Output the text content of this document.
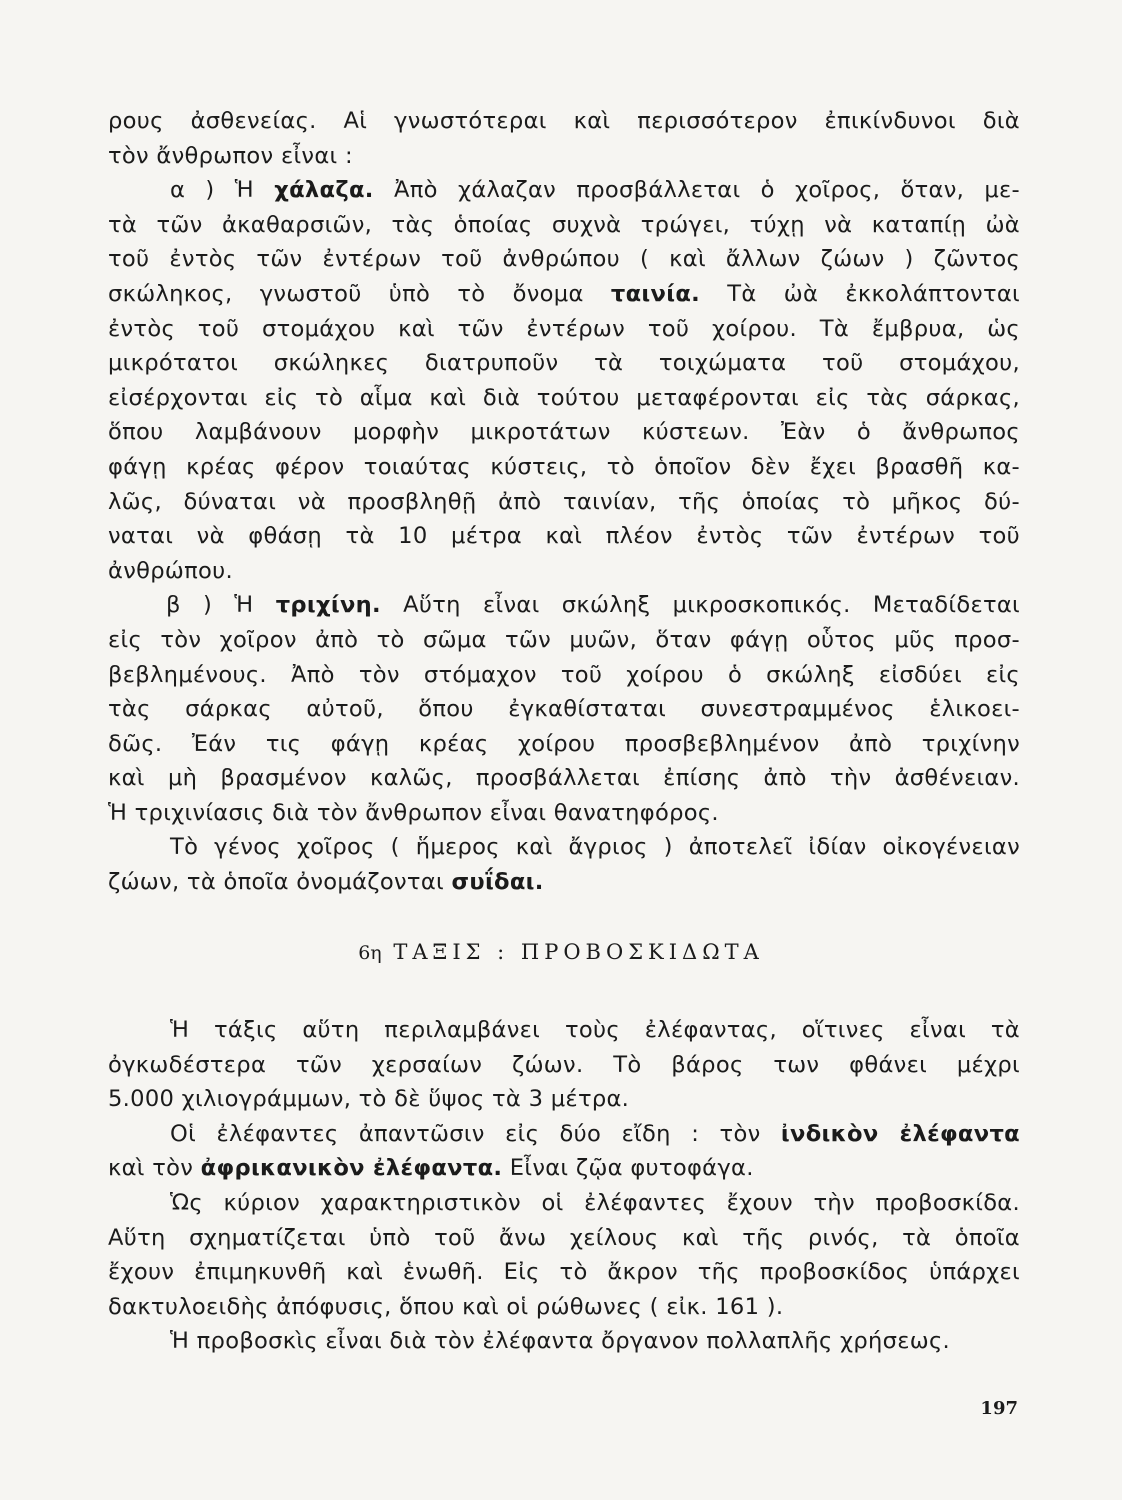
ρους ἀσθενείας. Αἱ γνωστότεραι καὶ περισσότερον ἐπικίνδυνοι διὰ
τὸν ἄνθρωπον εἶναι :
α ) Ἡ χάλαζα. Ἀπὸ χάλαζαν προσβάλλεται ὁ χοῖρος, ὅταν, με-
τὰ τῶν ἀκαθαρσιῶν, τὰς ὁποίας συχνὰ τρώγει, τύχῃ νὰ καταπίῃ ὠὰ
τοῦ ἐντὸς τῶν ἐντέρων τοῦ ἀνθρώπου ( καὶ ἄλλων ζώων ) ζῶντος
σκώληκος, γνωστοῦ ὑπὸ τὸ ὄνομα ταινία. Τὰ ὠὰ ἐκκολάπτονται
ἐντὸς τοῦ στομάχου καὶ τῶν ἐντέρων τοῦ χοίρου. Τὰ ἔμβρυα, ὡς
μικρότατοι σκώληκες διατρυποῦν τὰ τοιχώματα τοῦ στομάχου,
εἰσέρχονται εἰς τὸ αἷμα καὶ διὰ τούτου μεταφέρονται εἰς τὰς σάρκας,
ὅπου λαμβάνουν μορφὴν μικροτάτων κύστεων. Ἐὰν ὁ ἄνθρωπος
φάγῃ κρέας φέρον τοιαύτας κύστεις, τὸ ὁποῖον δὲν ἔχει βρασθῆ κα-
λῶς, δύναται νὰ προσβληθῇ ἀπὸ ταινίαν, τῆς ὁποίας τὸ μῆκος δύ-
ναται νὰ φθάσῃ τὰ 10 μέτρα καὶ πλέον ἐντὸς τῶν ἐντέρων τοῦ
ἀνθρώπου.
β ) Ἡ τριχίνη. Αὕτη εἶναι σκώληξ μικροσκοπικός. Μεταδίδεται
εἰς τὸν χοῖρον ἀπὸ τὸ σῶμα τῶν μυῶν, ὅταν φάγῃ οὗτος μῦς προσ-
βεβλημένους. Ἀπὸ τὸν στόμαχον τοῦ χοίρου ὁ σκώληξ εἰσδύει εἰς
τὰς σάρκας αὐτοῦ, ὅπου ἐγκαθίσταται συνεστραμμένος ἑλικοει-
δῶς. Ἐάν τις φάγῃ κρέας χοίρου προσβεβλημένον ἀπὸ τριχίνην
καὶ μὴ βρασμένον καλῶς, προσβάλλεται ἐπίσης ἀπὸ τὴν ἀσθένειαν.
Ἡ τριχινίασις διὰ τὸν ἄνθρωπον εἶναι θανατηφόρος.
Τὸ γένος χοῖρος ( ἥμερος καὶ ἄγριος ) ἀποτελεῖ ἰδίαν οἰκογένειαν
ζώων, τὰ ὁποῖα ὀνομάζονται συΐδαι.
6η ΤΑΞΙΣ : ΠΡΟΒΟΣΚΙΔΩΤΑ
Ἡ τάξις αὕτη περιλαμβάνει τοὺς ἐλέφαντας, οἵτινες εἶναι τὰ
ὀγκωδέστερα τῶν χερσαίων ζώων. Τὸ βάρος των φθάνει μέχρι
5.000 χιλιογράμμων, τὸ δὲ ὕψος τὰ 3 μέτρα.
Οἱ ἐλέφαντες ἀπαντῶσιν εἰς δύο εἴδη : τὸν ἰνδικὸν ἐλέφαντα
καὶ τὸν ἀφρικανικὸν ἐλέφαντα. Εἶναι ζῷα φυτοφάγα.
Ὡς κύριον χαρακτηριστικὸν οἱ ἐλέφαντες ἔχουν τὴν προβοσκίδα.
Αὕτη σχηματίζεται ὑπὸ τοῦ ἄνω χείλους καὶ τῆς ρινός, τὰ ὁποῖα
ἔχουν ἐπιμηκυνθῆ καὶ ἑνωθῆ. Εἰς τὸ ἄκρον τῆς προβοσκίδος ὑπάρχει
δακτυλοειδὴς ἀπόφυσις, ὅπου καὶ οἱ ρώθωνες ( εἰκ. 161 ).
Ἡ προβοσκὶς εἶναι διὰ τὸν ἐλέφαντα ὄργανον πολλαπλῆς χρήσεως.
197
